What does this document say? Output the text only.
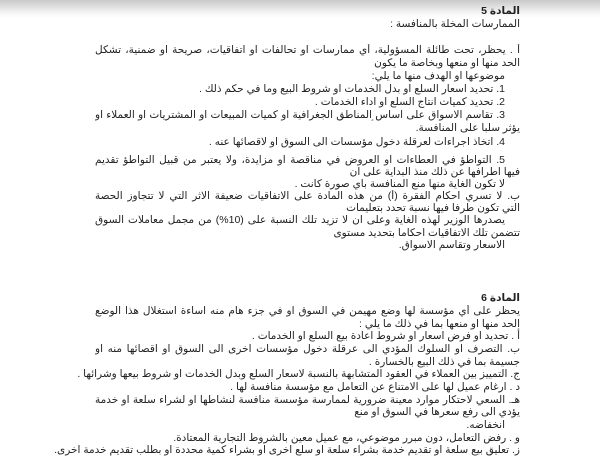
المادة 5
الممارسات المخلة بالمنافسة :
أ . يحظر، تحت طائلة المسؤولية، أي ممارسات او تحالفات او اتفاقيات، صريحة او ضمنية، تشكل
الحد منها او منعها وبخاصة ما يكون
موضوعها او الهدف منها ما يلي:
1. تحديد اسعار السلع او بدل الخدمات او شروط البيع وما في حكم ذلك .
2. تحديد كميات انتاج السلع او اداء الخدمات .
3. تقاسم الاسواق على اساس المناطق الجغرافية او كميات المبيعات او المشتريات او العملاء او
يؤثر سلبا على المنافسة.
4. اتخاذ اجراءات لعرقلة دخول مؤسسات الى السوق او لاقصائها عنه .
5. التواطؤ في العطاءات او العروض في مناقصة او مزايدة، ولا يعتبر من قبيل التواطؤ تقديم
فيها اطرافها عن ذلك منذ البداية على ان
لا تكون الغاية منها منع المنافسة باي صورة كانت .
ب. لا تسري احكام الفقرة (أ) من هذه المادة على الاتفاقيات ضعيفة الاثر التي لا تتجاوز الحصة
التي تكون طرفا فيها نسبة تحدد بتعليمات
يصدرها الوزير لهذه الغاية وعلى ان لا تزيد تلك النسبة على (10%) من مجمل معاملات السوق
تتضمن تلك الاتفاقيات احكاما بتحديد مستوى
الاسعار وتقاسم الاسواق.
المادة 6
يحظر على أي مؤسسة لها وضع مهيمن في السوق او في جزء هام منه اساءة استغلال هذا الوضع
الحد منها او منعها بما في ذلك ما يلي :
أ . تحديد او فرض اسعار او شروط اعادة بيع السلع او الخدمات .
ب. التصرف او السلوك المؤدي الى عرقلة دخول مؤسسات اخرى الى السوق او اقصائها منه او
جسيمة بما في ذلك البيع بالخسارة .
ج. التمييز بين العملاء في العقود المتشابهة بالنسبة لاسعار السلع وبدل الخدمات او شروط بيعها وشرائها .
د . ارغام عميل لها على الامتناع عن التعامل مع مؤسسة منافسة لها .
هـ. السعي لاحتكار موارد معينة ضرورية لممارسة مؤسسة منافسة لنشاطها او لشراء سلعة او خدمة
يؤدي الى رفع سعرها في السوق او منع
انخفاضه.
و . رفض التعامل، دون مبرر موضوعي، مع عميل معين بالشروط التجارية المعتادة.
ز. تعليق بيع سلعة او تقديم خدمة بشراء سلعة او سلع اخرى او بشراء كمية محددة او بطلب تقديم خدمة اخرى.
